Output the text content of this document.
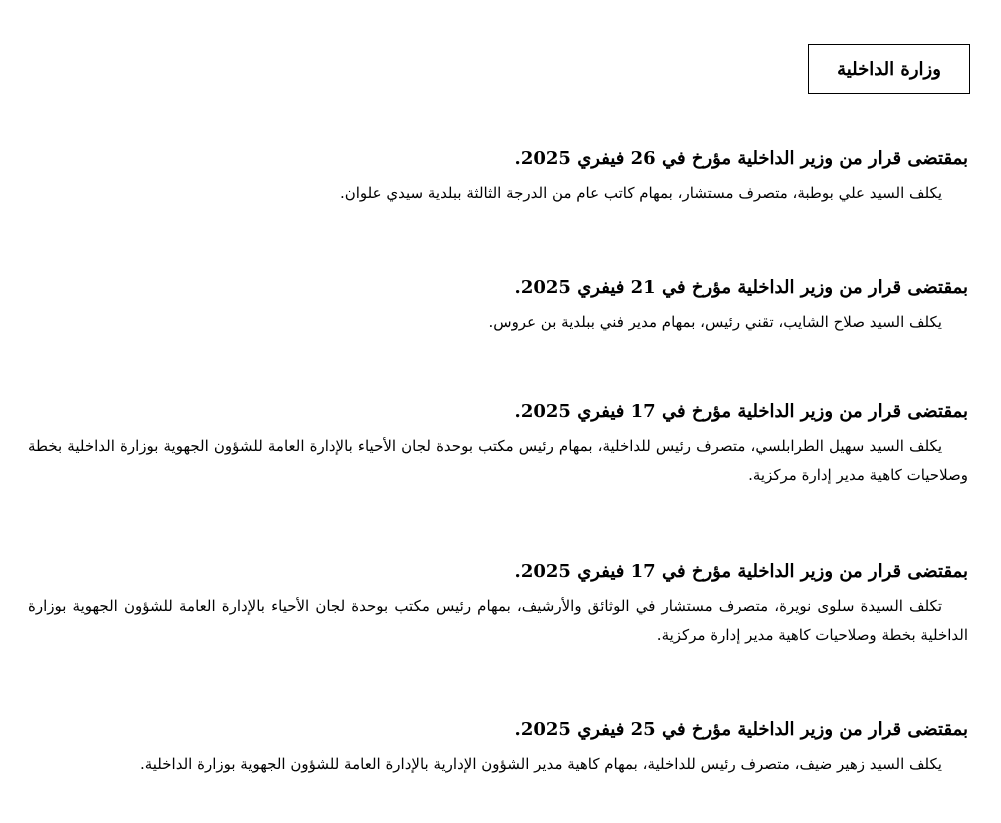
وزارة الداخلية

بمقتضى قرار من وزير الداخلية مؤرخ في 26 فيفري 2025.

يكلف السيد علي بوطبة، متصرف مستشار، بمهام كاتب عام من الدرجة الثالثة ببلدية سيدي علوان.

بمقتضى قرار من وزير الداخلية مؤرخ في 21 فيفري 2025.

يكلف السيد صلاح الشايب، تقني رئيس، بمهام مدير فني ببلدية بن عروس.

بمقتضى قرار من وزير الداخلية مؤرخ في 17 فيفري 2025.

يكلف السيد سهيل الطرابلسي، متصرف رئيس للداخلية، بمهام رئيس مكتب بوحدة لجان الأحياء بالإدارة العامة للشؤون الجهوية بوزارة الداخلية بخطة وصلاحيات كاهية مدير إدارة مركزية.

بمقتضى قرار من وزير الداخلية مؤرخ في 17 فيفري 2025.

تكلف السيدة سلوى نويرة، متصرف مستشار في الوثائق والأرشيف، بمهام رئيس مكتب بوحدة لجان الأحياء بالإدارة العامة للشؤون الجهوية بوزارة الداخلية بخطة وصلاحيات كاهية مدير إدارة مركزية.

بمقتضى قرار من وزير الداخلية مؤرخ في 25 فيفري 2025.

يكلف السيد زهير ضيف، متصرف رئيس للداخلية، بمهام كاهية مدير الشؤون الإدارية بالإدارة العامة للشؤون الجهوية بوزارة الداخلية.
